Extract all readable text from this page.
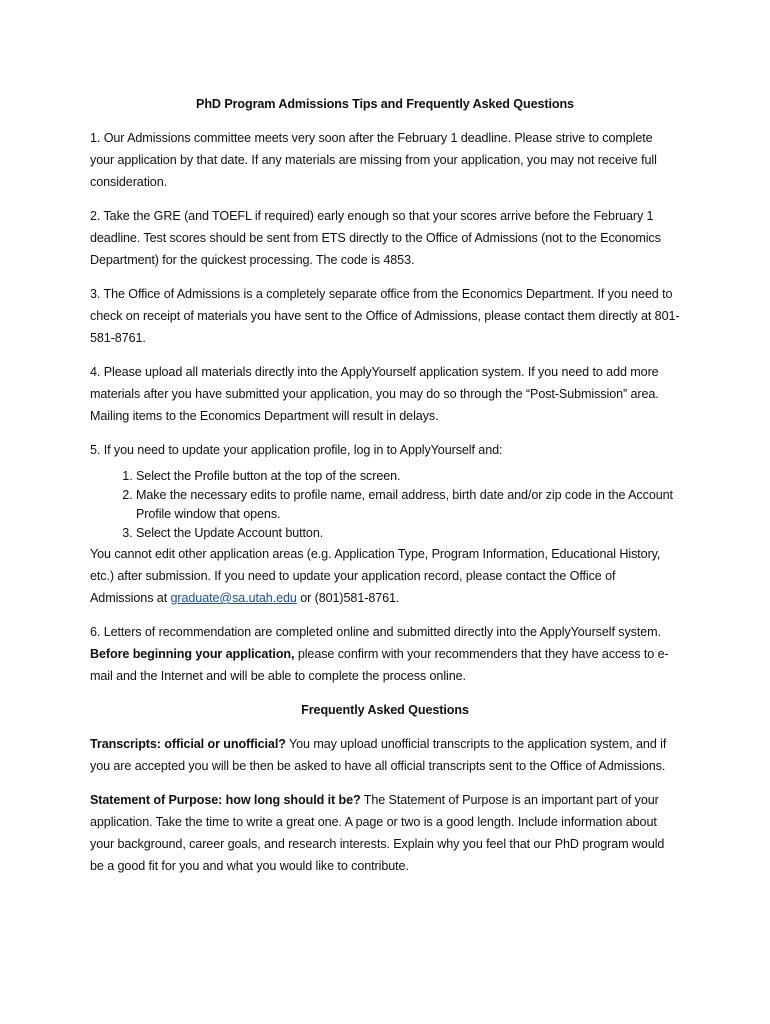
PhD Program Admissions Tips and Frequently Asked Questions

1. Our Admissions committee meets very soon after the February 1 deadline. Please strive to complete your application by that date. If any materials are missing from your application, you may not receive full consideration.

2. Take the GRE (and TOEFL if required) early enough so that your scores arrive before the February 1 deadline. Test scores should be sent from ETS directly to the Office of Admissions (not to the Economics Department) for the quickest processing. The code is 4853.

3. The Office of Admissions is a completely separate office from the Economics Department. If you need to check on receipt of materials you have sent to the Office of Admissions, please contact them directly at 801-581-8761.

4. Please upload all materials directly into the ApplyYourself application system. If you need to add more materials after you have submitted your application, you may do so through the “Post-Submission” area. Mailing items to the Economics Department will result in delays.

5. If you need to update your application profile, log in to ApplyYourself and:

1. Select the Profile button at the top of the screen.
2. Make the necessary edits to profile name, email address, birth date and/or zip code in the Account Profile window that opens.
3. Select the Update Account button.

You cannot edit other application areas (e.g. Application Type, Program Information, Educational History, etc.) after submission. If you need to update your application record, please contact the Office of Admissions at graduate@sa.utah.edu or (801)581-8761.

6. Letters of recommendation are completed online and submitted directly into the ApplyYourself system. Before beginning your application, please confirm with your recommenders that they have access to e-mail and the Internet and will be able to complete the process online.

Frequently Asked Questions

Transcripts: official or unofficial? You may upload unofficial transcripts to the application system, and if you are accepted you will be then be asked to have all official transcripts sent to the Office of Admissions.

Statement of Purpose: how long should it be? The Statement of Purpose is an important part of your application. Take the time to write a great one. A page or two is a good length. Include information about your background, career goals, and research interests. Explain why you feel that our PhD program would be a good fit for you and what you would like to contribute.
